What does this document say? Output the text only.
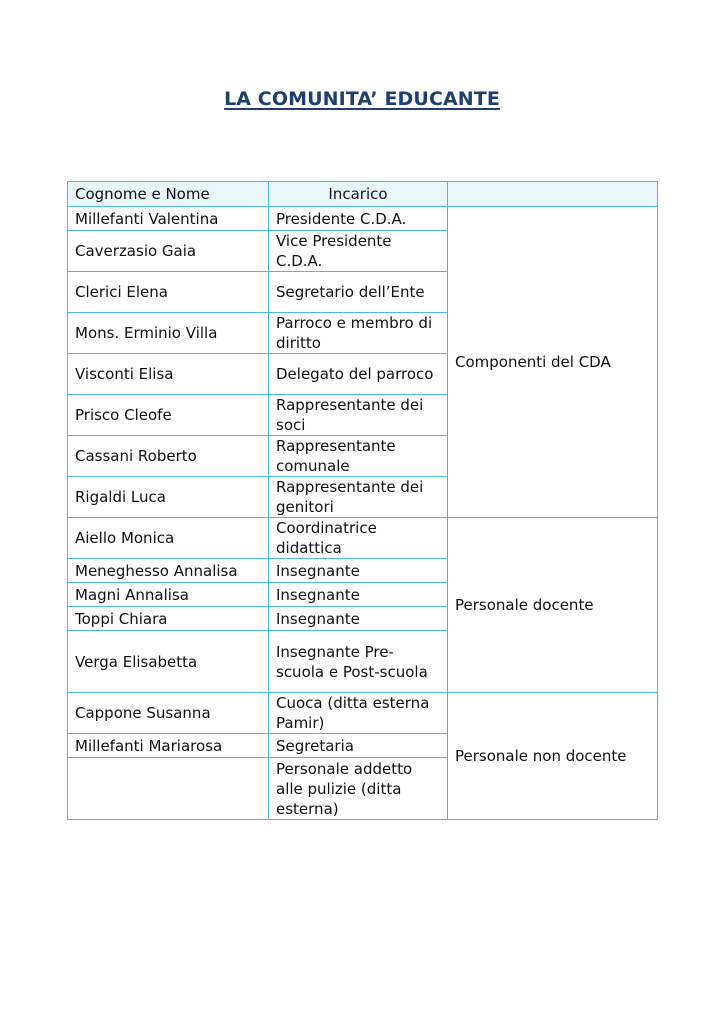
LA COMUNITA’ EDUCANTE
Cognome e Nome	Incarico	
Millefanti Valentina	Presidente C.D.A.	Componenti del CDA
Caverzasio Gaia	Vice Presidente C.D.A.	
Clerici Elena	Segretario dell’Ente	
Mons. Erminio Villa	Parroco e membro di diritto	
Visconti Elisa	Delegato del parroco	
Prisco Cleofe	Rappresentante dei soci	
Cassani Roberto	Rappresentante comunale	
Rigaldi Luca	Rappresentante dei genitori	
Aiello Monica	Coordinatrice didattica	Personale docente
Meneghesso Annalisa	Insegnante	
Magni Annalisa	Insegnante	
Toppi Chiara	Insegnante	
Verga Elisabetta	Insegnante Pre-scuola e Post-scuola	
Cappone Susanna	Cuoca (ditta esterna Pamir)	Personale non docente
Millefanti Mariarosa	Segretaria	
	Personale addetto alle pulizie (ditta esterna)	
